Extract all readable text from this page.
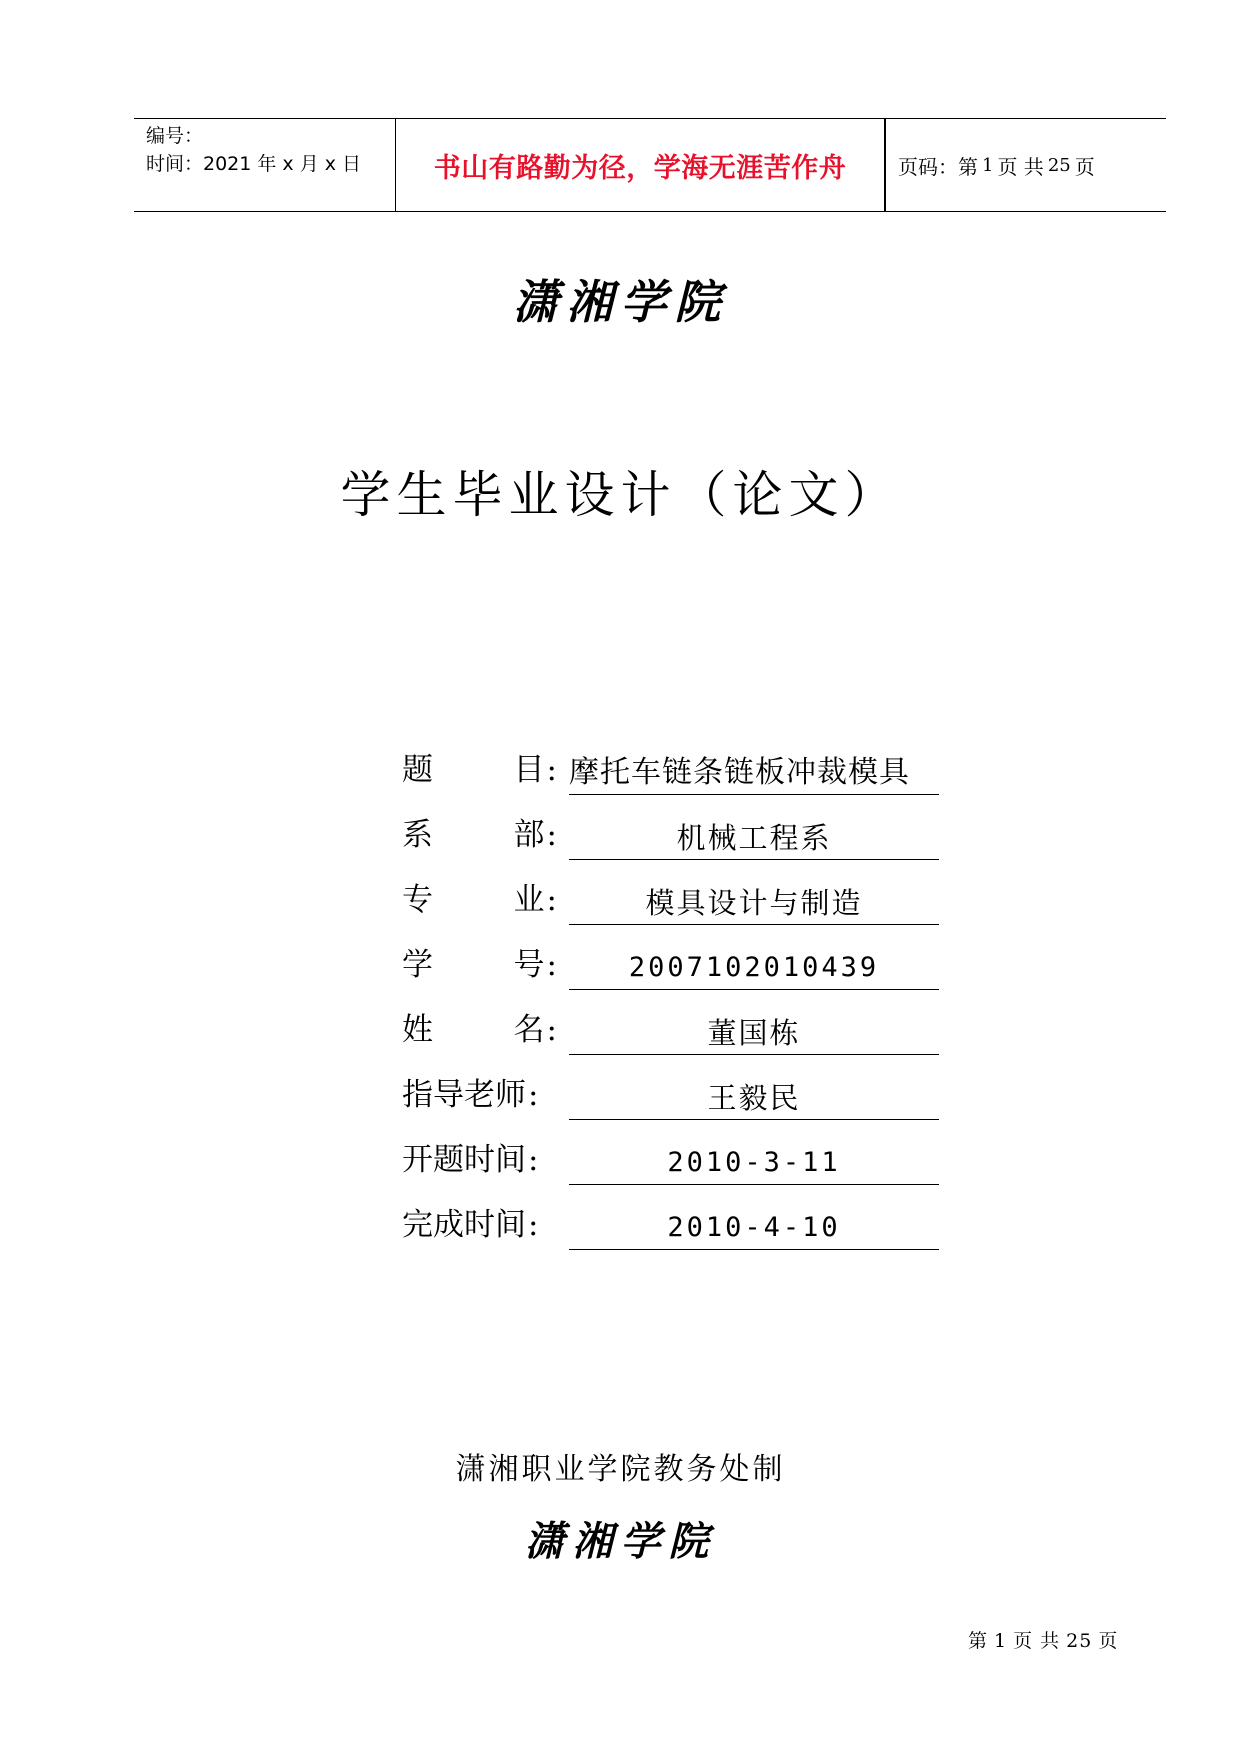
编号：
时间：2021 年 x 月 x 日	书山有路勤为径，学海无涯苦作舟	页码：第 1 页 共 25 页
潇湘学院
学生毕业设计（论文）
题	目: 摩托车链条链板冲裁模具
系	部:	机械工程系
专	业:	模具设计与制造
学	号:	2007102010439
姓	名:	董国栋
指导老师 :	王毅民
开题时间 :	2010-3-11
完成时间 :	2010-4-10
潇湘职业学院教务处制
潇湘学院
第 1 页 共 25 页
